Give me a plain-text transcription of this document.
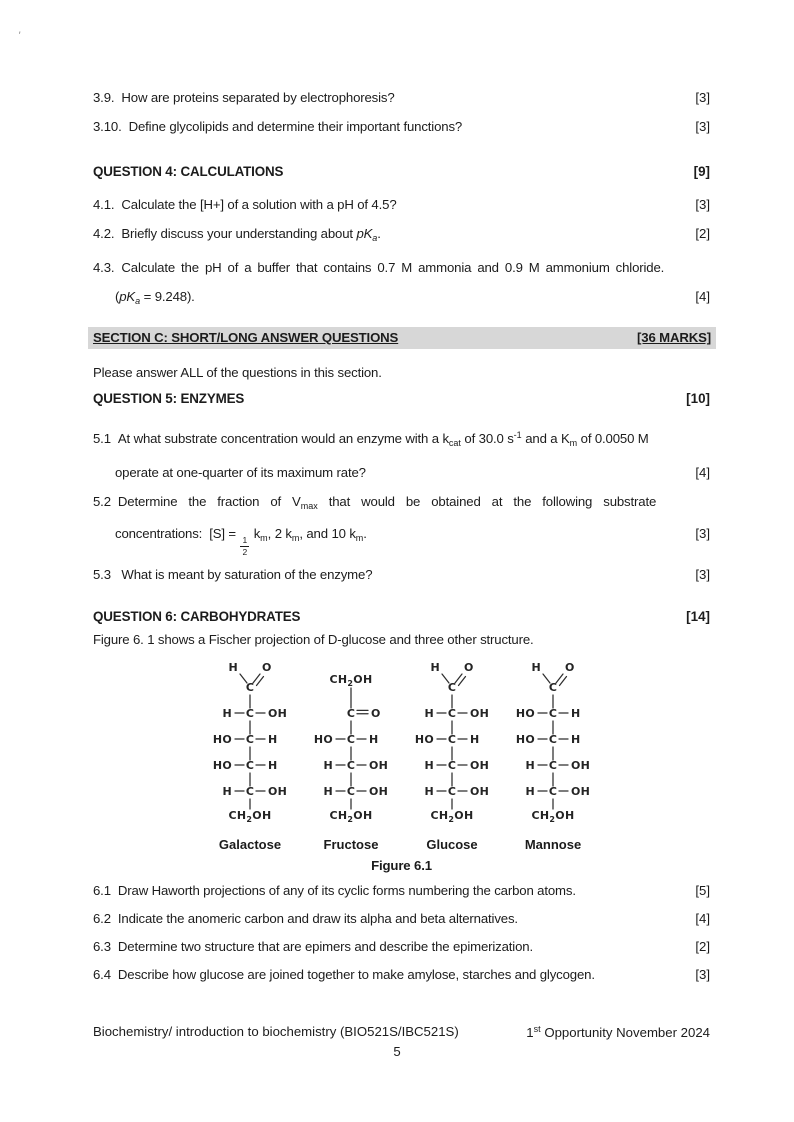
'
3.9. How are proteins separated by electrophoresis?	[3]
3.10. Define glycolipids and determine their important functions?	[3]
QUESTION 4: CALCULATIONS	[9]
4.1. Calculate the [H+] of a solution with a pH of 4.5?	[3]
4.2. Briefly discuss your understanding about $pK_a$.	[2]
4.3. Calculate the pH of a buffer that contains 0.7 M ammonia and 0.9 M ammonium chloride.
$(pK_a = 9.248)$.	[4]
SECTION C: SHORT/LONG ANSWER QUESTIONS	[36 MARKS]
Please answer ALL of the questions in this section.
QUESTION 5: ENZYMES	[10]
5.1 At what substrate concentration would an enzyme with a $k_{cat}$ of 30.0 $s^{-1}$ and a $K_m$ of 0.0050 M
operate at one-quarter of its maximum rate?	[4]
5.2 Determine the fraction of $V_{max}$ that would be obtained at the following substrate
concentrations:  [S] =
$\frac{1}{2}$
$k_m$, 2 $k_m$, and 10 $k_m$.	[3]
5.3 What is meant by saturation of the enzyme?	[3]
QUESTION 6: CARBOHYDRATES	[14]
Figure 6. 1 shows a Fischer projection of D-glucose and three other structure.
H O
C
H C OH
HO C H
HO C H
H C OH
$CH_2OH$
Galactose
$CH_2OH$
C O
HO C H
H C OH
H C OH
$CH_2OH$
Fructose
H O
C
H C OH
HO C H
H C OH
H C OH
$CH_2OH$
Glucose
H O
C
HO C H
HO C H
H C OH
H C OH
$CH_2OH$
Mannose
Figure 6.1
6.1 Draw Haworth projections of any of its cyclic forms numbering the carbon atoms.	[5]
6.2 Indicate the anomeric carbon and draw its alpha and beta alternatives.	[4]
6.3 Determine two structure that are epimers and describe the epimerization.	[2]
6.4 Describe how glucose are joined together to make amylose, starches and glycogen.	[3]
Biochemistry/ introduction to biochemistry (BIO521S/IBC521S)	1st Opportunity November 2024
5
